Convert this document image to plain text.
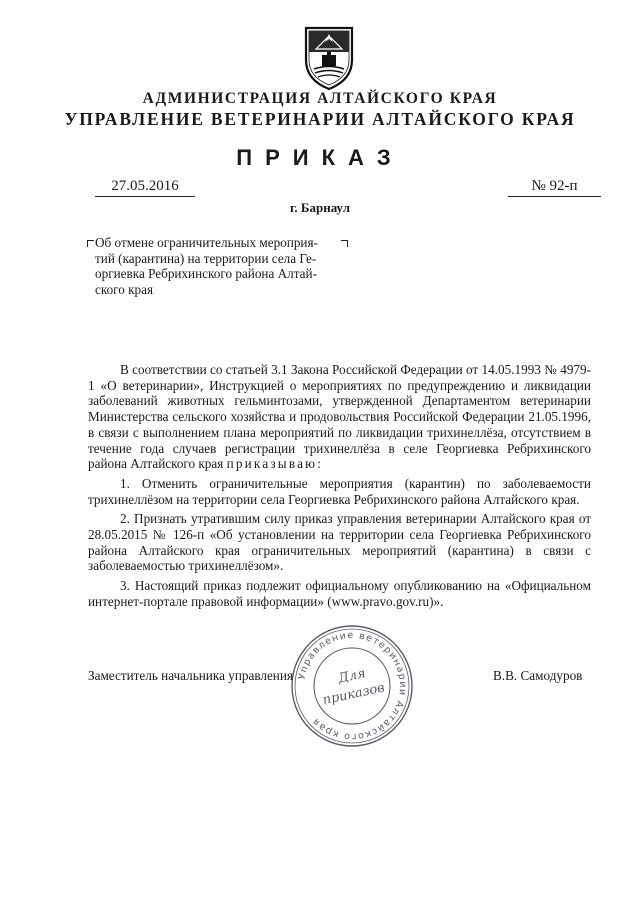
АДМИНИСТРАЦИЯ АЛТАЙСКОГО КРАЯ
УПРАВЛЕНИЕ ВЕТЕРИНАРИИ АЛТАЙСКОГО КРАЯ
ПРИКАЗ
27.05.2016	№ 92-п
г. Барнаул
Об отмене ограничительных мероприя-
тий (карантина) на территории села Ге-
оргиевка Ребрихинского района Алтай-
ского края

В соответствии со статьей 3.1 Закона Российской Федерации от 14.05.1993 № 4979-1 «О ветеринарии», Инструкцией о мероприятиях по предупреждению и ликвидации заболеваний животных гельминтозами, утвержденной Департаментом ветеринарии Министерства сельского хозяйства и продовольствия Российской Федерации 21.05.1996, в связи с выполнением плана мероприятий по ликвидации трихинеллёза, отсутствием в течение года случаев регистрации трихинеллёза в селе Георгиевка Ребрихинского района Алтайского края приказываю:

1. Отменить ограничительные мероприятия (карантин) по заболеваемости трихинеллёзом на территории села Георгиевка Ребрихинского района Алтайского края.

2. Признать утратившим силу приказ управления ветеринарии Алтайского края от 28.05.2015 № 126-п «Об установлении на территории села Георгиевка Ребрихинского района Алтайского края ограничительных мероприятий (карантина) в связи с заболеваемостью трихинеллёзом».

3. Настоящий приказ подлежит официальному опубликованию на «Официальном интернет-портале правовой информации» (www.pravo.gov.ru)».

Заместитель начальника управления	В.В. Самодуров
Управление ветеринарии Алтайского края
Для
приказов
